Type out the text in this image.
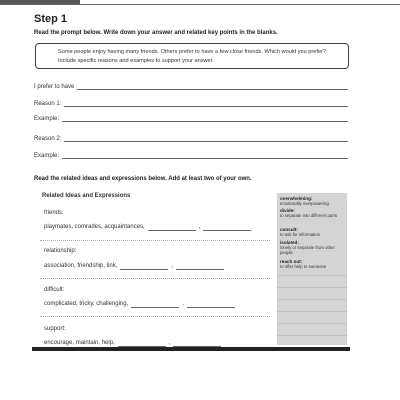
Step 1
Read the prompt below. Write down your answer and related key points in the blanks.
Some people enjoy having many friends. Others prefer to have a few close friends. Which would you prefer? Include specific reasons and examples to support your answer.
I prefer to have
Reason 1:
Example:
Reason 2:
Example:
Read the related ideas and expressions below. Add at least two of your own.
Related Ideas and Expressions
friends:
playmates, comrades, acquaintances,	,
relationship:
association, friendship, link,	,
difficult:
complicated, tricky, challenging,	,
support:
encourage, maintain, help,	,
overwhelming:
emotionally overpowering
divide:
to separate into different parts
consult:
to ask for information
isolated:
lonely or separate from other people
reach out:
to offer help to someone
